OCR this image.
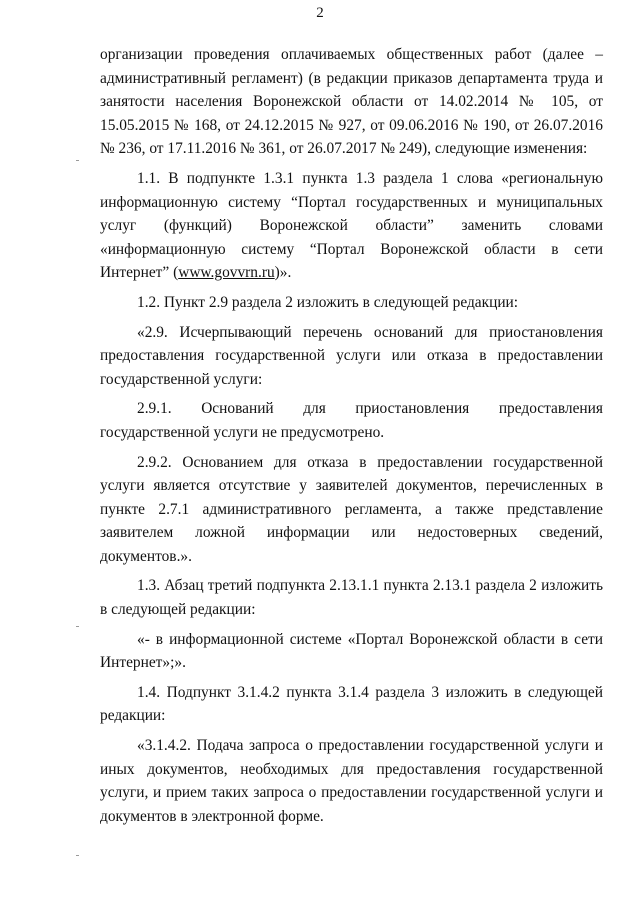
2

организации проведения оплачиваемых общественных работ (далее – административный регламент) (в редакции приказов департамента труда и занятости населения Воронежской области от 14.02.2014 № 105, от 15.05.2015 № 168, от 24.12.2015 № 927, от 09.06.2016 № 190, от 26.07.2016 № 236, от 17.11.2016 № 361, от 26.07.2017 № 249), следующие изменения:

1.1. В подпункте 1.3.1 пункта 1.3 раздела 1 слова «региональную информационную систему “Портал государственных и муниципальных услуг (функций) Воронежской области” заменить словами «информационную систему “Портал Воронежской области в сети Интернет” (www.govvrn.ru)».

1.2. Пункт 2.9 раздела 2 изложить в следующей редакции:

«2.9. Исчерпывающий перечень оснований для приостановления предоставления государственной услуги или отказа в предоставлении государственной услуги:

2.9.1. Оснований для приостановления предоставления государственной услуги не предусмотрено.

2.9.2. Основанием для отказа в предоставлении государственной услуги является отсутствие у заявителей документов, перечисленных в пункте 2.7.1 административного регламента, а также представление заявителем ложной информации или недостоверных сведений, документов.».

1.3. Абзац третий подпункта 2.13.1.1 пункта 2.13.1 раздела 2 изложить в следующей редакции:

«- в информационной системе «Портал Воронежской области в сети Интернет»;».

1.4. Подпункт 3.1.4.2 пункта 3.1.4 раздела 3 изложить в следующей редакции:

«3.1.4.2. Подача запроса о предоставлении государственной услуги и иных документов, необходимых для предоставления государственной услуги, и прием таких запроса о предоставлении государственной услуги и документов в электронной форме.
